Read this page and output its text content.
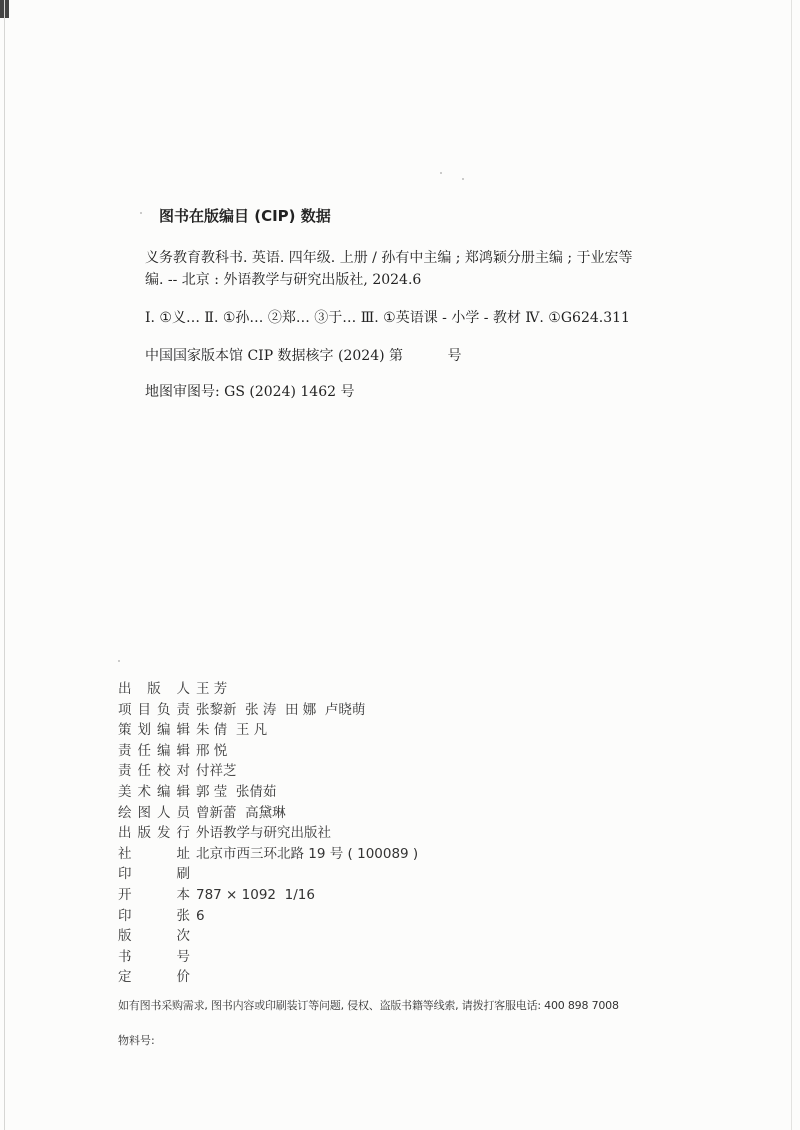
图书在版编目 (CIP) 数据
义务教育教科书. 英语. 四年级. 上册 / 孙有中主编 ; 郑鸿颖分册主编 ; 于业宏等
编. -- 北京 : 外语教学与研究出版社, 2024.6
Ⅰ. ①义… Ⅱ. ①孙… ②郑… ③于… Ⅲ. ①英语课 - 小学 - 教材 Ⅳ. ①G624.311
中国国家版本馆 CIP 数据核字 (2024) 第          号
地图审图号: GS (2024) 1462 号
出版人 王 芳
项目负责 张黎新  张 涛  田 娜  卢晓萌
策划编辑 朱 倩  王 凡
责任编辑 邢 悦
责任校对 付祥芝
美术编辑 郭 莹  张倩茹
绘图人员 曾新蕾  高黛琳
出版发行 外语教学与研究出版社
社址 北京市西三环北路 19 号 ( 100089 )
印刷
开本 787 × 1092  1/16
印张 6
版次
书号
定价
如有图书采购需求, 图书内容或印刷装订等问题, 侵权、盗版书籍等线索, 请拨打客服电话: 400 898 7008
物料号:
